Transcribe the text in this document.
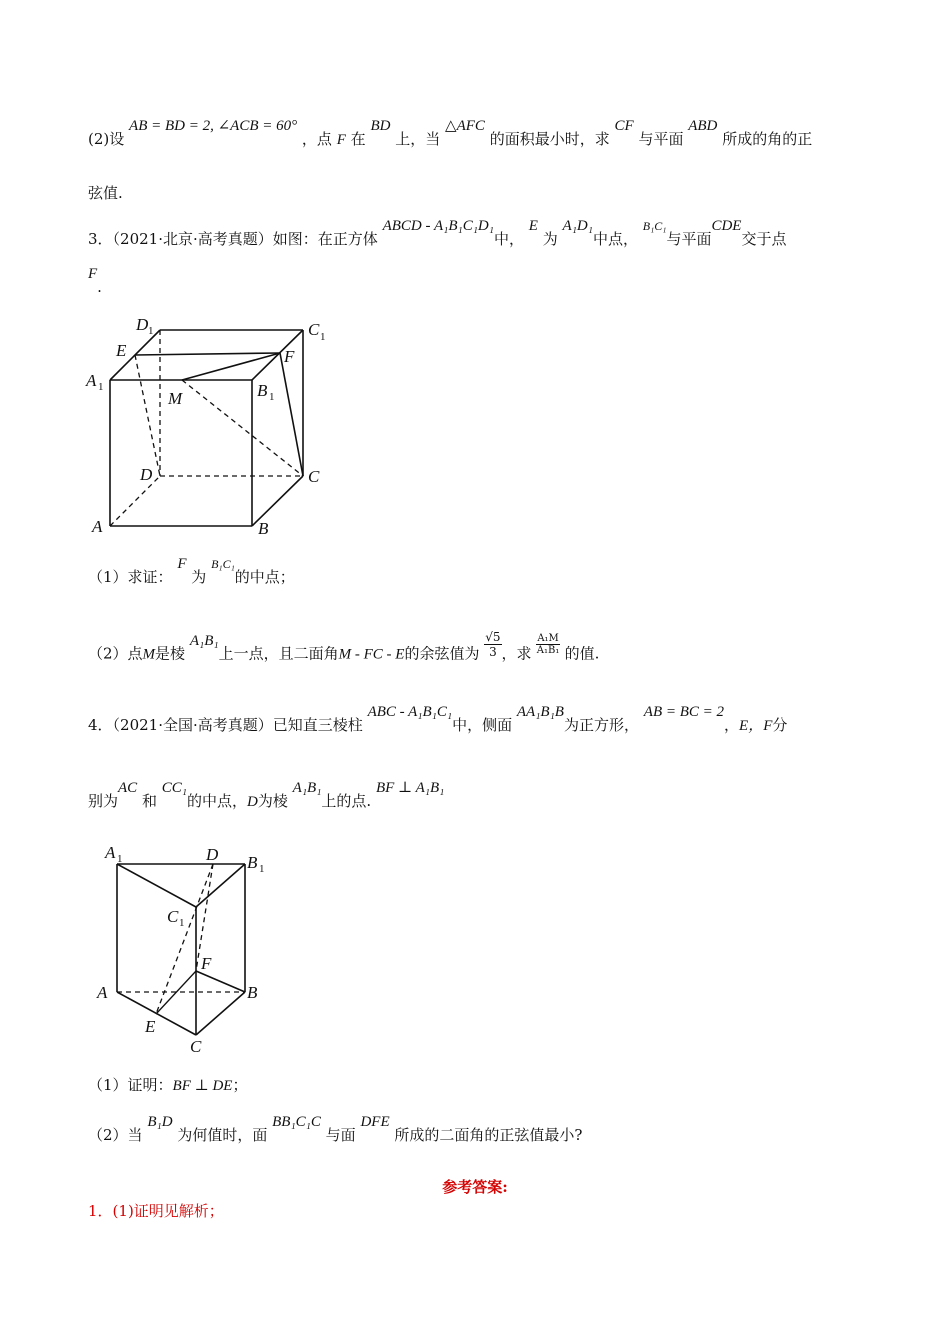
(2)设 AB = BD = 2, ∠ACB = 60° ，点 F 在 BD 上，当 △AFC 的面积最小时，求 CF 与平面 ABD 所成的角的正
弦值.
3．（2021·北京·高考真题）如图：在正方体 ABCD - A₁B₁C₁D₁中， E 为 A₁D₁中点， $^{B_1C_1}$与平面CDE交于点
F.
D 1	C 1
E	F
A 1
M	B 1
D	C
A	B
（1）求证： F 为 $^{B_1C_1}$的中点；
（2）点M是棱 A₁B₁上一点，且二面角M - FC - E的余弦值为 $\frac{√5}{3}$ ，求 $\frac{\text{A₁M}}{\text{A₁B₁}}$ 的值.
4．（2021·全国·高考真题）已知直三棱柱 ABC - A₁B₁C₁中，侧面 AA₁B₁B为正方形， AB = BC = 2，E，F分
别为AC 和 CC₁的中点，D为棱 A₁B₁上的点. BF ⊥ A₁B₁
A 1	D B 1
C 1
F
A	B
E
C
（1）证明：BF ⊥ DE；
（2）当 B₁D 为何值时，面 BB₁C₁C 与面 DFE 所成的二面角的正弦值最小?
参考答案:
1．(1)证明见解析；
